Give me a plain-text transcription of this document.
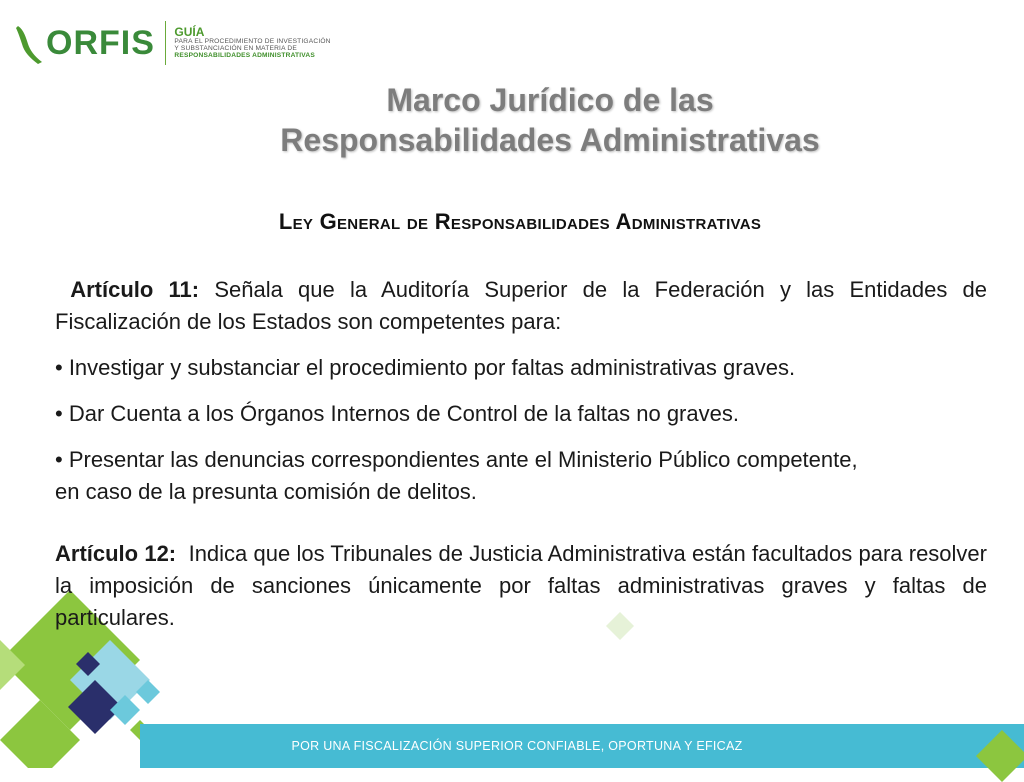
ORFIS GUÍA
PARA EL PROCEDIMIENTO DE INVESTIGACIÓN
Y SUBSTANCIACIÓN EN MATERIA DE
RESPONSABILIDADES ADMINISTRATIVAS
Marco Jurídico de las
Responsabilidades Administrativas
Ley General de Responsabilidades Administrativas

Artículo 11: Señala que la Auditoría Superior de la Federación y las Entidades de Fiscalización de los Estados son competentes para:

• Investigar y substanciar el procedimiento por faltas administrativas graves.

• Dar Cuenta a los Órganos Internos de Control de la faltas no graves.

• Presentar las denuncias correspondientes ante el Ministerio Público competente, en caso de la presunta comisión de delitos.

Artículo 12:  Indica que los Tribunales de Justicia Administrativa están facultados para resolver la imposición de sanciones únicamente por faltas administrativas graves y faltas de particulares.

POR UNA FISCALIZACIÓN SUPERIOR CONFIABLE, OPORTUNA Y EFICAZ
